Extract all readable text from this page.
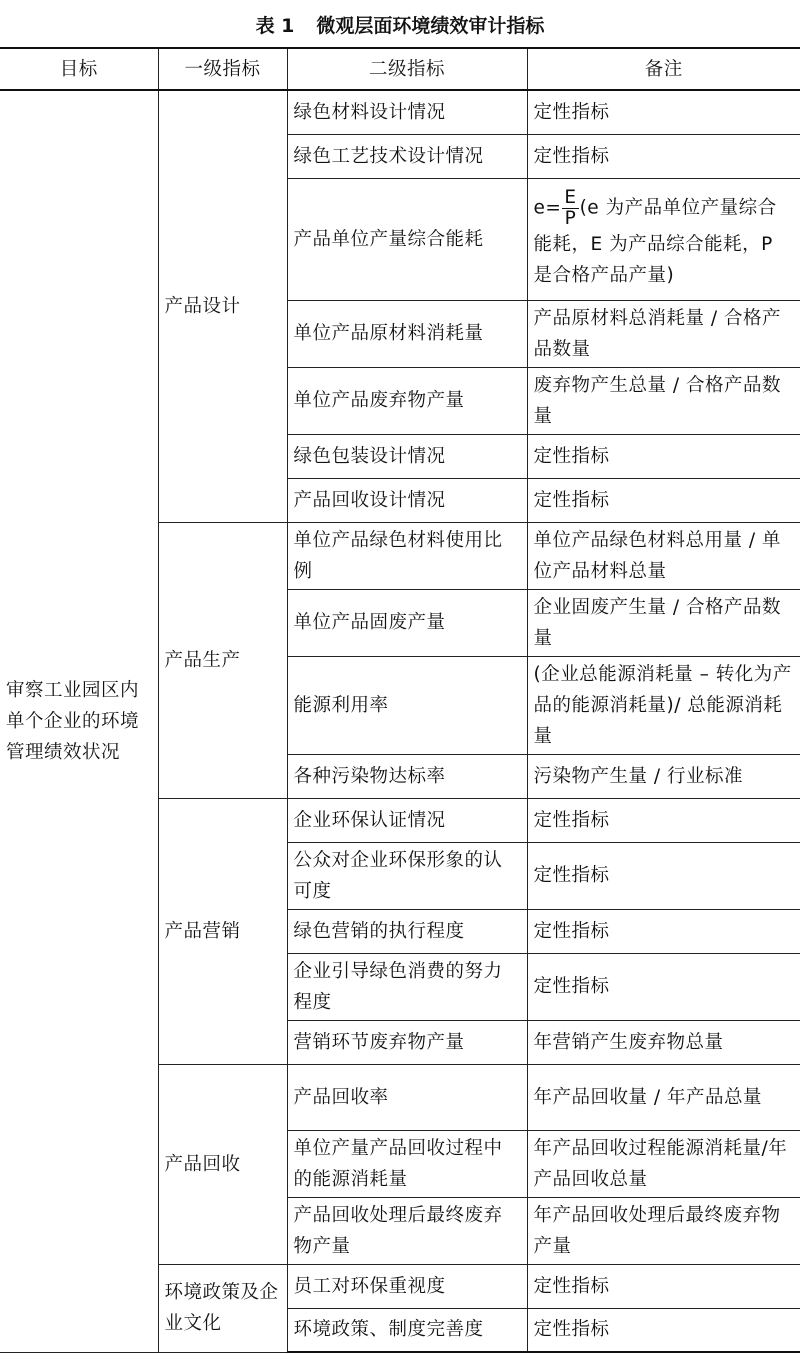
表 1 微观层面环境绩效审计指标
目标	一级指标	二级指标	备注
审察工业园区内单个企业的环境管理绩效状况	产品设计	绿色材料设计情况	定性指标
		绿色工艺技术设计情况	定性指标
		产品单位产量综合能耗	$e= \frac{E}{P} (e$ 为产品单位产量综合能耗，E 为产品综合能耗，P 是合格产品产量)
		单位产品原材料消耗量	产品原材料总消耗量 / 合格产品数量
		单位产品废弃物产量	废弃物产生总量 / 合格产品数量
		绿色包装设计情况	定性指标
		产品回收设计情况	定性指标
	产品生产	单位产品绿色材料使用比例	单位产品绿色材料总用量 / 单位产品材料总量
		单位产品固废产量	企业固废产生量 / 合格产品数量
		能源利用率	(企业总能源消耗量 – 转化为产品的能源消耗量)/ 总能源消耗量
		各种污染物达标率	污染物产生量 / 行业标准
	产品营销	企业环保认证情况	定性指标
		公众对企业环保形象的认可度	定性指标
		绿色营销的执行程度	定性指标
		企业引导绿色消费的努力程度	定性指标
		营销环节废弃物产量	年营销产生废弃物总量
	产品回收	产品回收率	年产品回收量 / 年产品总量
		单位产量产品回收过程中的能源消耗量	年产品回收过程能源消耗量/年产品回收总量
		产品回收处理后最终废弃物产量	年产品回收处理后最终废弃物产量
	环境政策及企业文化	员工对环保重视度	定性指标
		环境政策、制度完善度	定性指标
